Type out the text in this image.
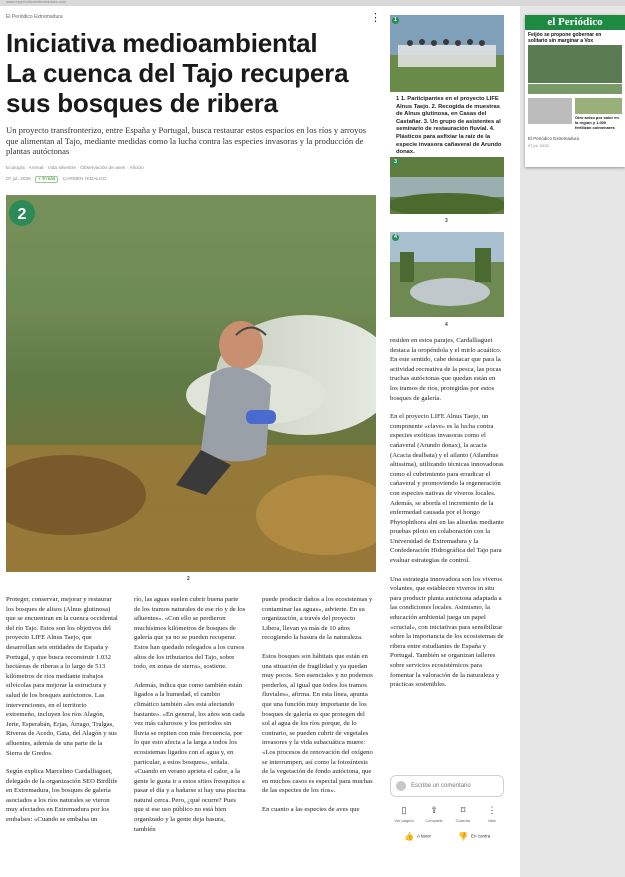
www.elperiodicoextremadura.com
El Periódico Extremadura	⋮
Iniciativa medioambiental
La cuenca del Tajo recupera
sus bosques de ribera

Un proyecto transfronterizo, entre España y Portugal, busca restaurar estos espacios en los ríos y arroyos que alimentan al Tajo, mediante medidas como la lucha contra las especies invasoras y la producción de plantas autóctonas

Ecología · Animal · Vida silvestre · Observación de aves · Aficion
07 jul. 2025 + 9 más CARMEN HIDALGO
2
2

Proteger, conservar, mejorar y restaurar los bosques de alisos (Alnus glutinosa) que se encuentran en la cuenca occidental del río Tajo. Estos son los objetivos del proyecto LIFE Alnus Taejo, que desarrollan seis entidades de España y Portugal, y que busca reconstruir 1.032 hectáreas de riberas a lo largo de 513 kilómetros de ríos mediante trabajos silvícolas para mejorar la estructura y salud de los bosques autóctonos. Las intervenciones, en el territorio extremeño, incluyen los ríos Alagón, Jerte, Esperabán, Erjas, Árrago, Tralgas, Riveras de Acedo, Gata, del Alagón y sus afluentes, además de una parte de la Sierra de Gredos.

Según explica Marcelino Cardalliaguet, delegado de la organización SEO Birdlife en Extremadura, los bosques de galería asociados a los ríos naturales se vieron muy afectados en Extremadura por los embalses: «Cuando se embalsa un

río, las aguas suelen cubrir buena parte de los tramos naturales de ese río y de los afluentes». «Con ello se perdieron muchísimos kilómetros de bosques de galería que ya no se pueden recuperar. Estos han quedado relegados a los cursos altos de los tributarios del Tajo, sobre todo, en zonas de sierra», sostiene.

Además, indica que como también están ligados a la humedad, el cambio climático también «les está afectando bastante». «En general, los años son cada vez más calurosos y los periodos sin lluvia se repiten con más frecuencia, por lo que esto afecta a la larga a todos los ecosistemas ligados con el agua y, en particular, a estos bosques», señala. «Cuando en verano aprieta el calor, a la gente le gusta ir a estos sitios fresquitos a pasar el día y a bañarse si hay una piscina natural cerca. Pero, ¿qué ocurre? Pues que si ese uso público no está bien organizado y la gente deja basura, también

puede producir daños a los ecosistemas y contaminar las aguas», advierte. En su organización, a través del proyecto Libera, llevan ya más de 10 años recogiendo la basura de la naturaleza.

Estos bosques son hábitats que están en una situación de fragilidad y ya quedan muy pocos. Son esenciales y no podemos perderlos, al igual que todos los tramos fluviales», afirma. En esta línea, apunta que una función muy importante de los bosques de galería es que protegen del sol al agua de los ríos porque, de lo contrario, se pueden cubrir de vegetales invasores y la vida subacuática muere: «Los procesos de renovación del oxígeno se interrumpen, así como la fotosíntesis de la vegetación de fondo autóctona, que en muchos casos es especial para muchas de las especies de los ríos».

En cuanto a las especies de aves que

residen en estos parajes, Cardalliaguet destaca la oropéndola y el mirlo acuático. En este sentido, cabe destacar que para la actividad recreativa de la pesca, las pocas truchas autóctonas que quedan están en los tramos de ríos, protegidas por estos bosques de galería.

En el proyecto LIFE Alnus Taejo, un componente «clave» es la lucha contra especies exóticas invasoras como el cañaveral (Arundo donax), la acacia (Acacia dealbata) y el ailanto (Ailanthus altissima), utilizando técnicas innovadoras como el cubrimiento para erradicar el cañaveral y promoviendo la regeneración con especies nativas de viveros locales. Además, se aborda el incremento de la enfermedad causada por el hongo Phytophthora alni en las alisedas mediante pruebas piloto en colaboración con la Universidad de Extremadura y la Confederación Hidrográfica del Tajo para evaluar estrategias de control.

Una estrategia innovadora son los viveros volantes, que establecen viveros in situ para producir planta autóctona adaptada a las condiciones locales. Asimismo, la educación ambiental juega un papel «crucial», con iniciativas para sensibilizar sobre la importancia de los ecosistemas de ribera entre estudiantes de España y Portugal. También se organizan talleres sobre servicios ecosistémicos para fomentar la valoración de la naturaleza y prácticas sostenibles.

1
1 1. Participantes en el proyecto LIFE Alnus Taejo. 2. Recogida de muestras de Alnus glutinosa, en Casas del Castañar. 3. Un grupo de asistentes al seminario de restauración fluvial. 4. Plásticos para asfixiar la raíz de la especie invasora cañaveral de Arundo donax.
3
3
4
4
Escribe un comentario
▯
Ver página
⇪
Compartir
⌑
Guardar
⋮
Más
👍 A favor	👎 En contra
el Periódico
Feijóo se propone gobernar en solitario sin marginar a Vox
Otro aviso por calor en la región y 1.000 fertilizan colmenares
El Periódico Extremadura
07 jul. 2025
